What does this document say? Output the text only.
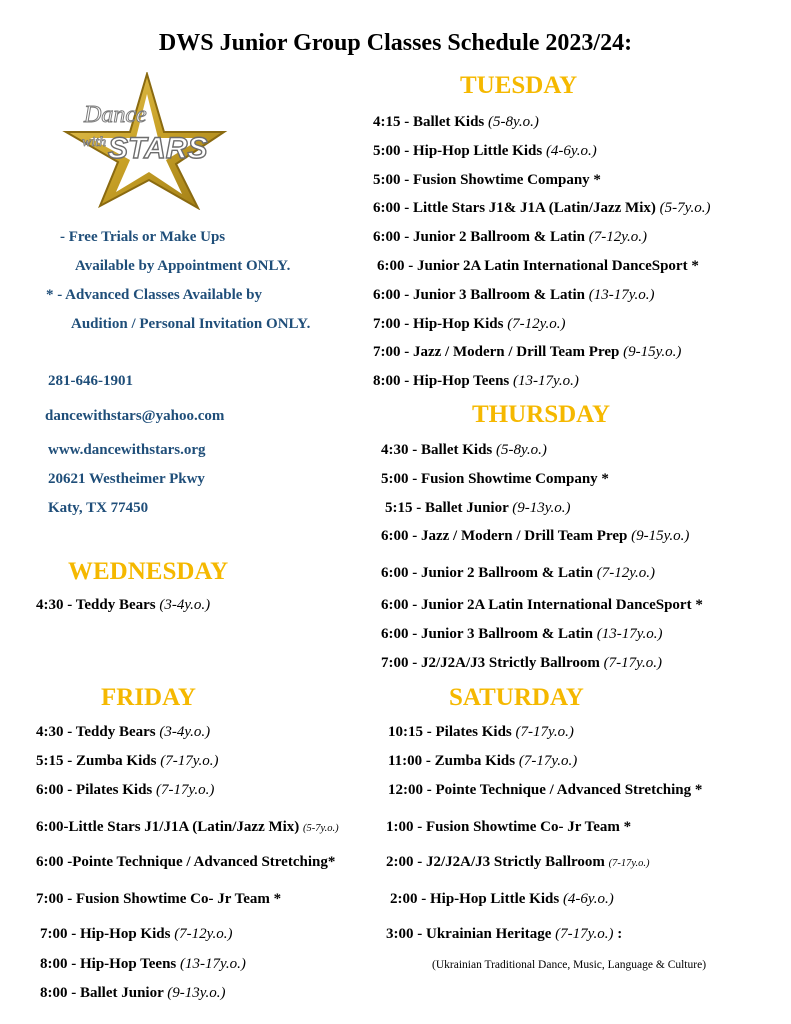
DWS Junior Group Classes Schedule 2023/24:
Dance
with STARS
- Free Trials or Make Ups
Available by Appointment ONLY.
* - Advanced Classes Available by
Audition / Personal Invitation ONLY.
281-646-1901
dancewithstars@yahoo.com
www.dancewithstars.org
20621 Westheimer Pkwy
Katy, TX 77450
TUESDAY
THURSDAY
WEDNESDAY
FRIDAY	SATURDAY
4:15 - Ballet Kids (5-8y.o.)
5:00 - Hip-Hop Little Kids (4-6y.o.)
5:00 - Fusion Showtime Company *
6:00 - Little Stars J1& J1A (Latin/Jazz Mix) (5-7y.o.)
6:00 - Junior 2 Ballroom & Latin (7-12y.o.)
6:00 - Junior 2A Latin International DanceSport *
6:00 - Junior 3 Ballroom & Latin (13-17y.o.)
7:00 - Hip-Hop Kids (7-12y.o.)
7:00 - Jazz / Modern / Drill Team Prep (9-15y.o.)
8:00 - Hip-Hop Teens (13-17y.o.)
4:30 - Ballet Kids (5-8y.o.)
5:00 - Fusion Showtime Company *
5:15 - Ballet Junior (9-13y.o.)
6:00 - Jazz / Modern / Drill Team Prep (9-15y.o.)
6:00 - Junior 2 Ballroom & Latin (7-12y.o.)
6:00 - Junior 2A Latin International DanceSport *
6:00 - Junior 3 Ballroom & Latin (13-17y.o.)
7:00 - J2/J2A/J3 Strictly Ballroom (7-17y.o.)
4:30 - Teddy Bears (3-4y.o.)
4:30 - Teddy Bears (3-4y.o.)
5:15 - Zumba Kids (7-17y.o.)
6:00 - Pilates Kids (7-17y.o.)
6:00-Little Stars J1/J1A (Latin/Jazz Mix) (5-7y.o.)
6:00 -Pointe Technique / Advanced Stretching*
7:00 - Fusion Showtime Co- Jr Team *
7:00 - Hip-Hop Kids (7-12y.o.)
8:00 - Hip-Hop Teens (13-17y.o.)
8:00 - Ballet Junior (9-13y.o.)
10:15 - Pilates Kids (7-17y.o.)
11:00 - Zumba Kids (7-17y.o.)
12:00 - Pointe Technique / Advanced Stretching *
1:00 - Fusion Showtime Co- Jr Team *
2:00 - J2/J2A/J3 Strictly Ballroom (7-17y.o.)
2:00 - Hip-Hop Little Kids (4-6y.o.)
3:00 - Ukrainian Heritage (7-17y.o.) :
(Ukrainian Traditional Dance, Music, Language & Culture)
